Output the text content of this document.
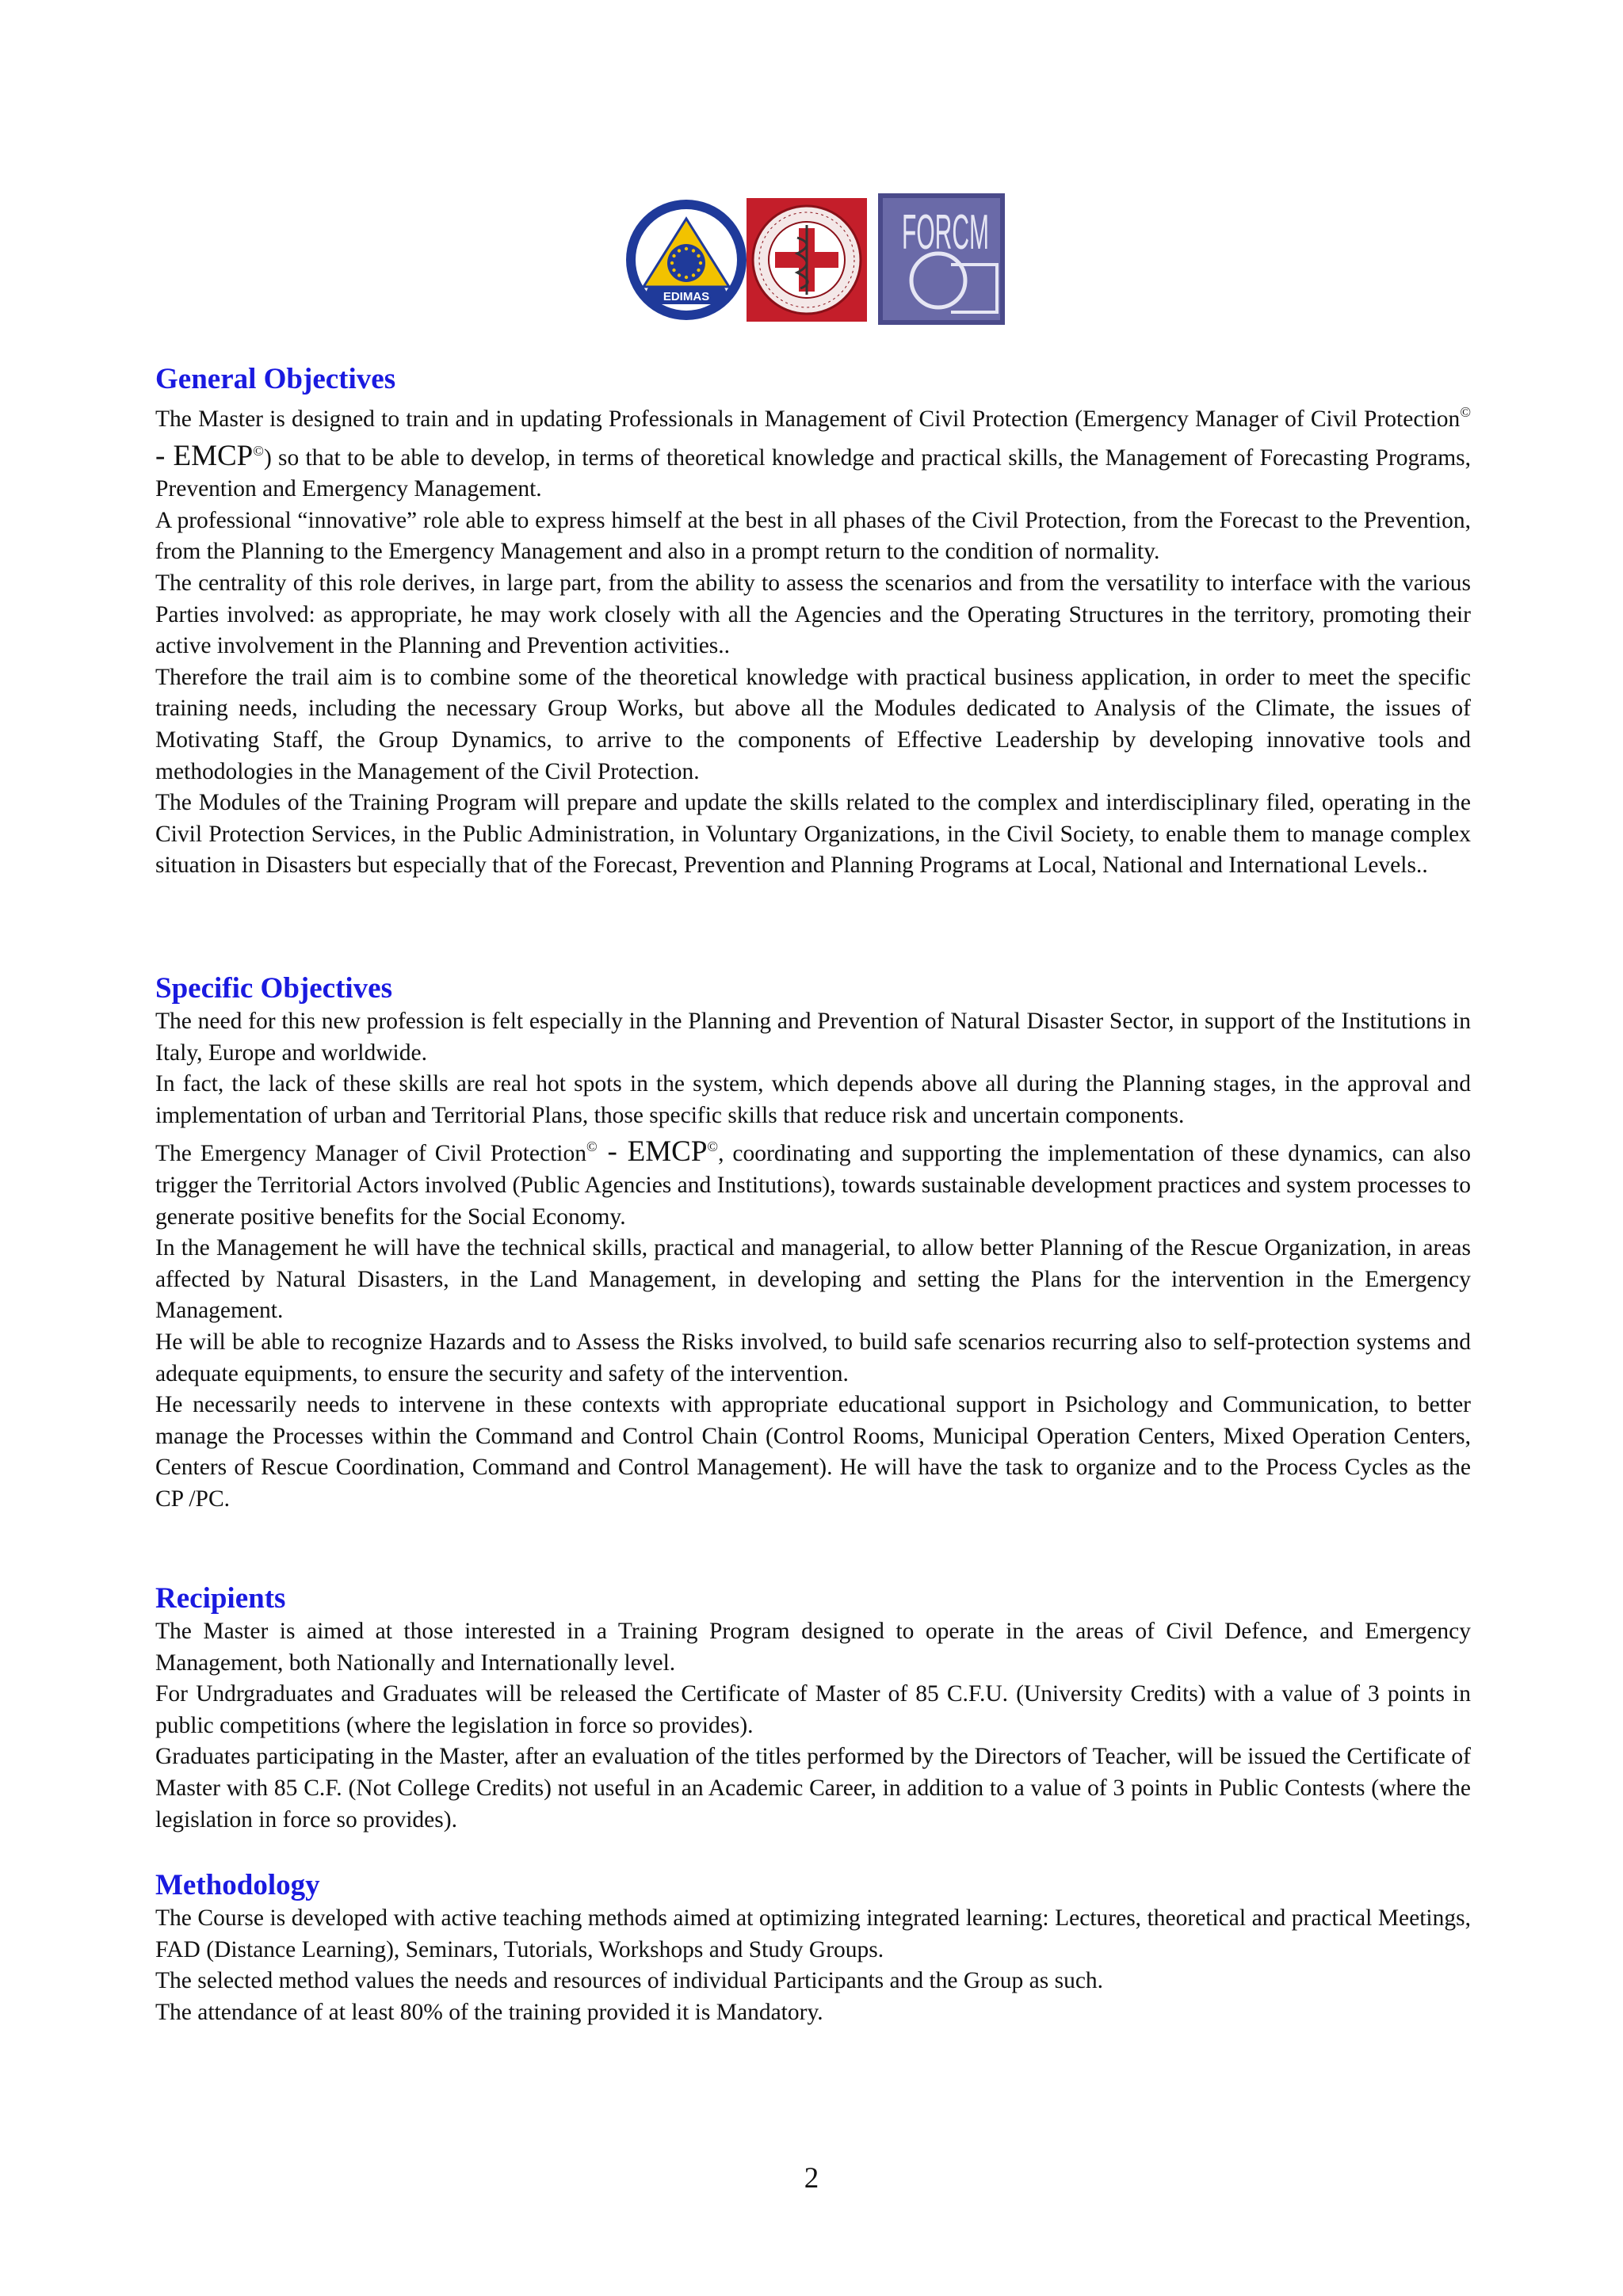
EDIMAS
FORCM
General Objectives

The Master is designed to train and in updating Professionals in Management of Civil Protection (Emergency Manager of Civil Protection© - EMCP©) so that to be able to develop, in terms of theoretical knowledge and practical skills, the Management of Forecasting Programs, Prevention and Emergency Management.

A professional “innovative” role able to express himself at the best in all phases of the Civil Protection, from the Forecast to the Prevention, from the Planning to the Emergency Management and also in a prompt return to the condition of normality.

The centrality of this role derives, in large part, from the ability to assess the scenarios and from the versatility to interface with the various Parties involved: as appropriate, he may work closely with all the Agencies and the Operating Structures in the territory, promoting their active involvement in the Planning and Prevention activities..

Therefore the trail aim is to combine some of the theoretical knowledge with practical business application, in order to meet the specific training needs, including the necessary Group Works, but above all the Modules dedicated to Analysis of the Climate, the issues of Motivating Staff, the Group Dynamics, to arrive to the components of Effective Leadership by developing innovative tools and methodologies in the Management of the Civil Protection.

The Modules of the Training Program will prepare and update the skills related to the complex and interdisciplinary filed, operating in the Civil Protection Services, in the Public Administration, in Voluntary Organizations, in the Civil Society, to enable them to manage complex situation in Disasters but especially that of the Forecast, Prevention and Planning Programs at Local, National and International Levels..

Specific Objectives

The need for this new profession is felt especially in the Planning and Prevention of Natural Disaster Sector, in support of the Institutions in Italy, Europe and worldwide.

In fact, the lack of these skills are real hot spots in the system, which depends above all during the Planning stages, in the approval and implementation of urban and Territorial Plans, those specific skills that reduce risk and uncertain components.

The Emergency Manager of Civil Protection© - EMCP©, coordinating and supporting the implementation of these dynamics, can also trigger the Territorial Actors involved (Public Agencies and Institutions), towards sustainable development practices and system processes to generate positive benefits for the Social Economy.

In the Management he will have the technical skills, practical and managerial, to allow better Planning of the Rescue Organization, in areas affected by Natural Disasters, in the Land Management, in developing and setting the Plans for the intervention in the Emergency Management.

He will be able to recognize Hazards and to Assess the Risks involved, to build safe scenarios recurring also to self-protection systems and adequate equipments, to ensure the security and safety of the intervention.

He necessarily needs to intervene in these contexts with appropriate educational support in Psichology and Communication, to better manage the Processes within the Command and Control Chain (Control Rooms, Municipal Operation Centers, Mixed Operation Centers, Centers of Rescue Coordination, Command and Control Management). He will have the task to organize and to the Process Cycles as the CP /PC.

Recipients

The Master is aimed at those interested in a Training Program designed to operate in the areas of Civil Defence, and Emergency Management, both Nationally and Internationally level.

For Undrgraduates and Graduates will be released the Certificate of Master of 85 C.F.U. (University Credits) with a value of 3 points in public competitions (where the legislation in force so provides).

Graduates participating in the Master, after an evaluation of the titles performed by the Directors of Teacher, will be issued the Certificate of Master with 85 C.F. (Not College Credits) not useful in an Academic Career, in addition to a value of 3 points in Public Contests (where the legislation in force so provides).

Methodology

The Course is developed with active teaching methods aimed at optimizing integrated learning: Lectures, theoretical and practical Meetings, FAD (Distance Learning), Seminars, Tutorials, Workshops and Study Groups.

The selected method values the needs and resources of individual Participants and the Group as such.

The attendance of at least 80% of the training provided it is Mandatory.

2
